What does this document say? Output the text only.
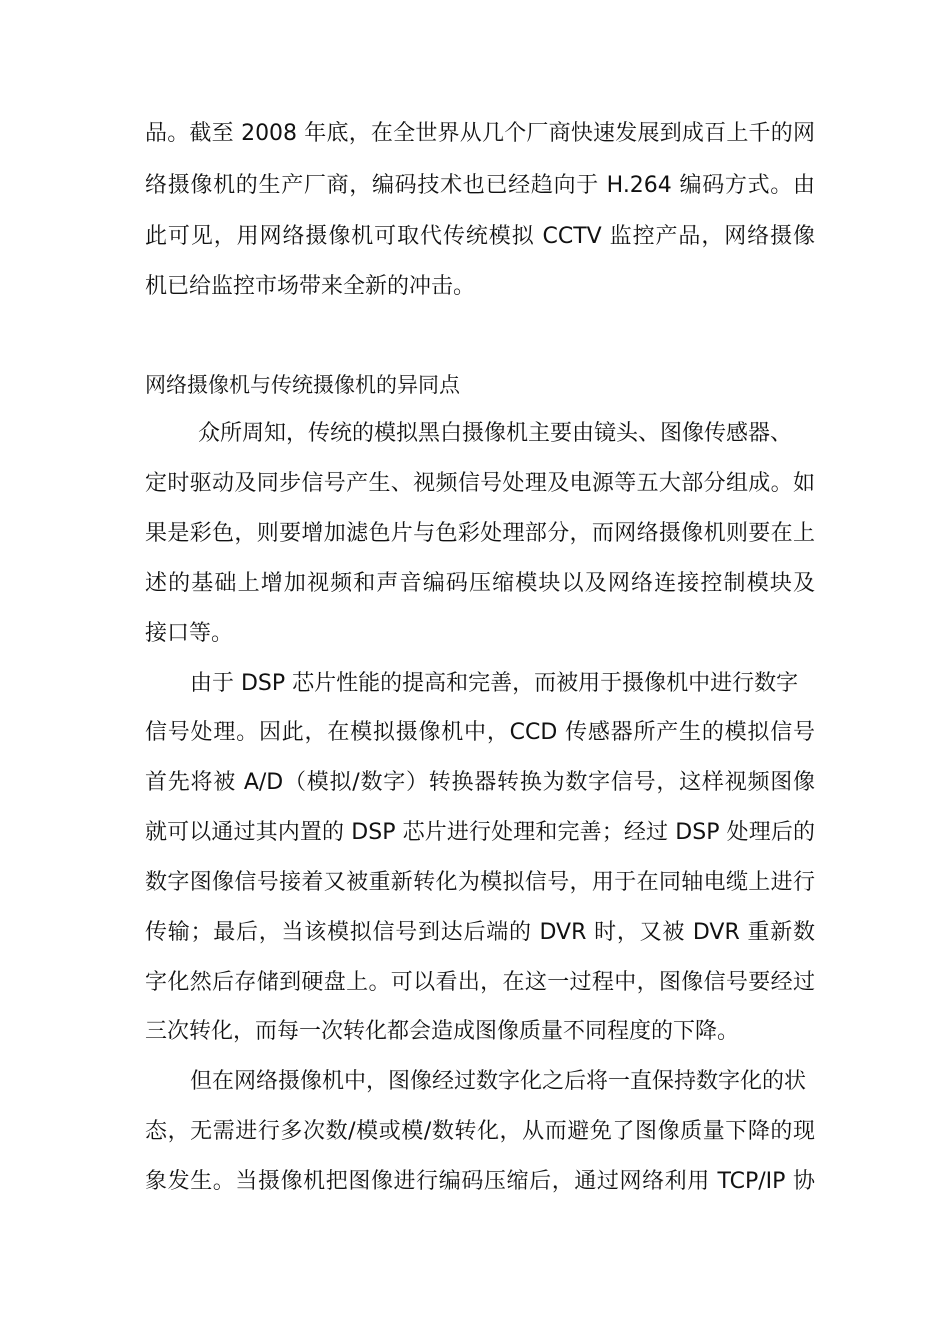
品。截至 2008 年底，在全世界从几个厂商快速发展到成百上千的网
络摄像机的生产厂商，编码技术也已经趋向于 H.264 编码方式。由
此可见，用网络摄像机可取代传统模拟 CCTV 监控产品，网络摄像
机已给监控市场带来全新的冲击。
网络摄像机与传统摄像机的异同点
众所周知，传统的模拟黑白摄像机主要由镜头、图像传感器、
定时驱动及同步信号产生、视频信号处理及电源等五大部分组成。如
果是彩色，则要增加滤色片与色彩处理部分，而网络摄像机则要在上
述的基础上增加视频和声音编码压缩模块以及网络连接控制模块及
接口等。
由于 DSP 芯片性能的提高和完善，而被用于摄像机中进行数字
信号处理。因此，在模拟摄像机中，CCD 传感器所产生的模拟信号
首先将被 A/D（模拟/数字）转换器转换为数字信号，这样视频图像
就可以通过其内置的 DSP 芯片进行处理和完善；经过 DSP 处理后的
数字图像信号接着又被重新转化为模拟信号，用于在同轴电缆上进行
传输；最后，当该模拟信号到达后端的 DVR 时，又被 DVR 重新数
字化然后存储到硬盘上。可以看出，在这一过程中，图像信号要经过
三次转化，而每一次转化都会造成图像质量不同程度的下降。
但在网络摄像机中，图像经过数字化之后将一直保持数字化的状
态，无需进行多次数/模或模/数转化，从而避免了图像质量下降的现
象发生。当摄像机把图像进行编码压缩后，通过网络利用 TCP/IP 协
